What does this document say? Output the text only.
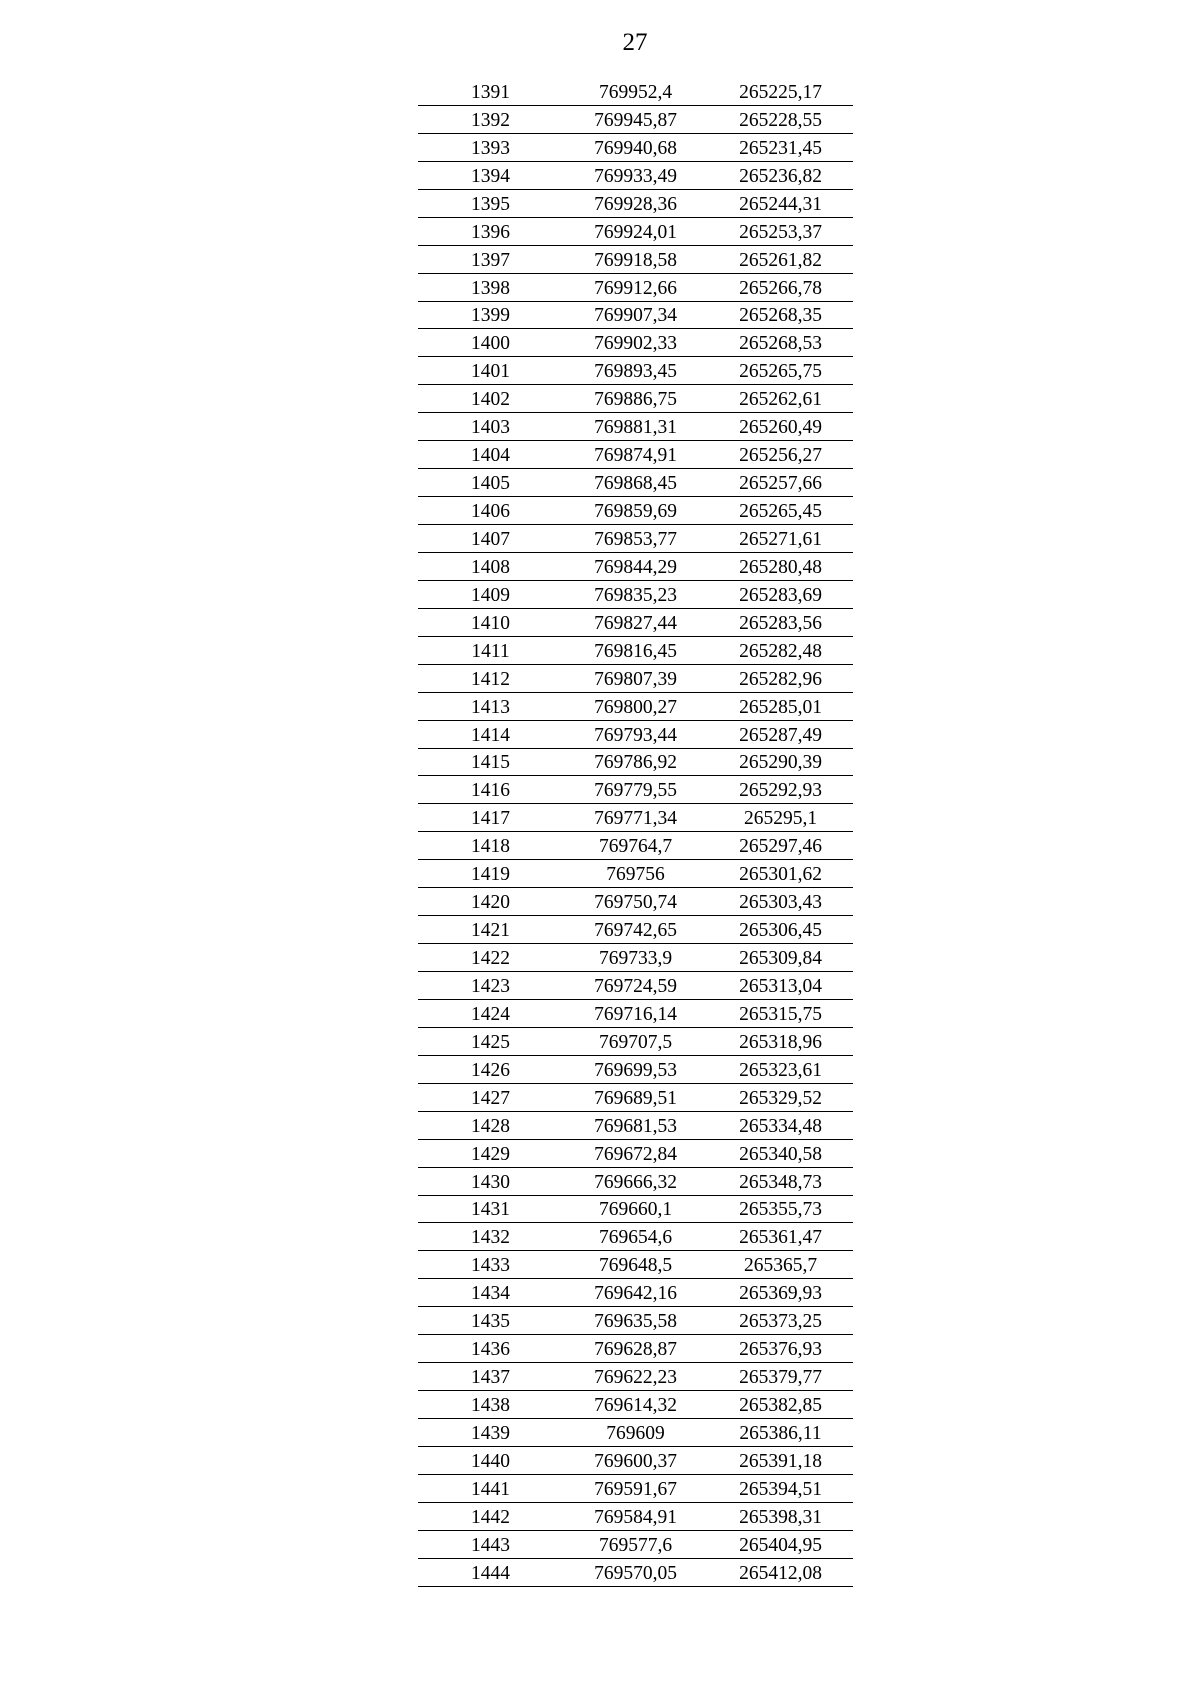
27
1391	769952,4	265225,17
1392	769945,87	265228,55
1393	769940,68	265231,45
1394	769933,49	265236,82
1395	769928,36	265244,31
1396	769924,01	265253,37
1397	769918,58	265261,82
1398	769912,66	265266,78
1399	769907,34	265268,35
1400	769902,33	265268,53
1401	769893,45	265265,75
1402	769886,75	265262,61
1403	769881,31	265260,49
1404	769874,91	265256,27
1405	769868,45	265257,66
1406	769859,69	265265,45
1407	769853,77	265271,61
1408	769844,29	265280,48
1409	769835,23	265283,69
1410	769827,44	265283,56
1411	769816,45	265282,48
1412	769807,39	265282,96
1413	769800,27	265285,01
1414	769793,44	265287,49
1415	769786,92	265290,39
1416	769779,55	265292,93
1417	769771,34	265295,1
1418	769764,7	265297,46
1419	769756	265301,62
1420	769750,74	265303,43
1421	769742,65	265306,45
1422	769733,9	265309,84
1423	769724,59	265313,04
1424	769716,14	265315,75
1425	769707,5	265318,96
1426	769699,53	265323,61
1427	769689,51	265329,52
1428	769681,53	265334,48
1429	769672,84	265340,58
1430	769666,32	265348,73
1431	769660,1	265355,73
1432	769654,6	265361,47
1433	769648,5	265365,7
1434	769642,16	265369,93
1435	769635,58	265373,25
1436	769628,87	265376,93
1437	769622,23	265379,77
1438	769614,32	265382,85
1439	769609	265386,11
1440	769600,37	265391,18
1441	769591,67	265394,51
1442	769584,91	265398,31
1443	769577,6	265404,95
1444	769570,05	265412,08
